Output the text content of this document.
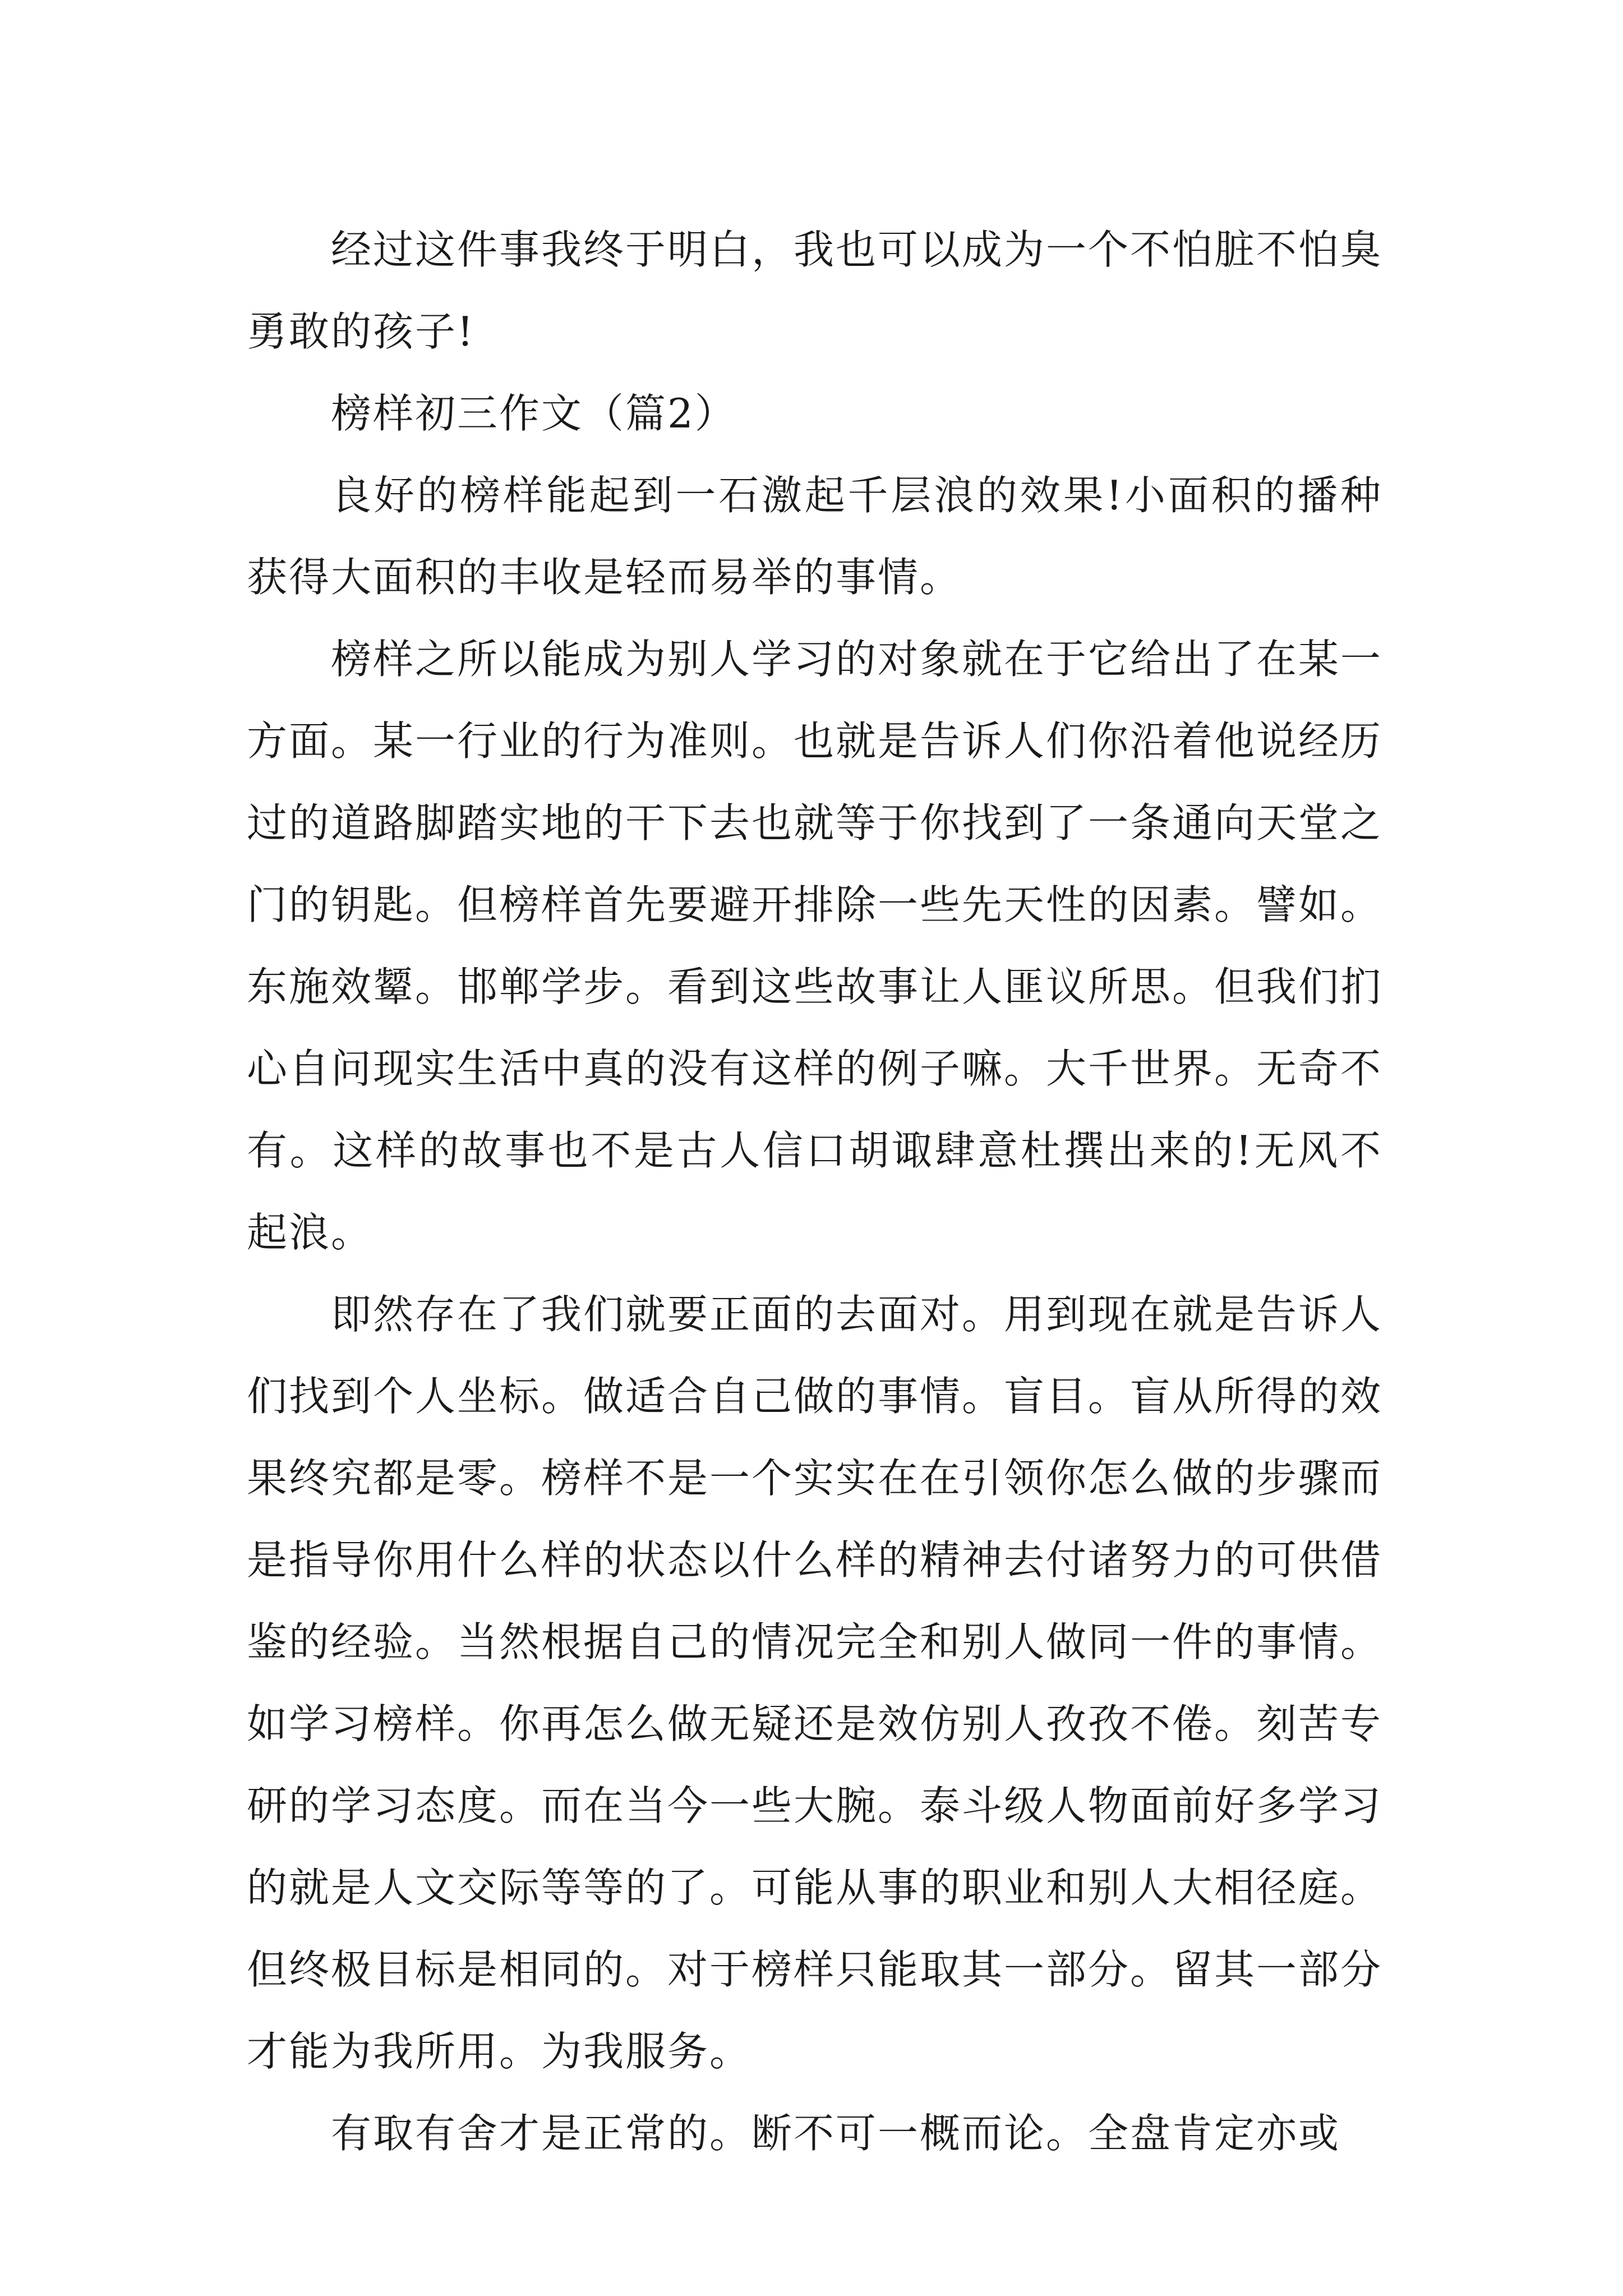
经过这件事我终于明白，我也可以成为一个不怕脏不怕臭勇敢的孩子!

榜样初三作文（篇2）

良好的榜样能起到一石激起千层浪的效果!小面积的播种获得大面积的丰收是轻而易举的事情。

榜样之所以能成为别人学习的对象就在于它给出了在某一方面。某一行业的行为准则。也就是告诉人们你沿着他说经历过的道路脚踏实地的干下去也就等于你找到了一条通向天堂之门的钥匙。但榜样首先要避开排除一些先天性的因素。譬如。东施效颦。邯郸学步。看到这些故事让人匪议所思。但我们扪心自问现实生活中真的没有这样的例子嘛。大千世界。无奇不有。这样的故事也不是古人信口胡诹肆意杜撰出来的!无风不起浪。

即然存在了我们就要正面的去面对。用到现在就是告诉人们找到个人坐标。做适合自己做的事情。盲目。盲从所得的效果终究都是零。榜样不是一个实实在在引领你怎么做的步骤而是指导你用什么样的状态以什么样的精神去付诸努力的可供借鉴的经验。当然根据自己的情况完全和别人做同一件的事情。如学习榜样。你再怎么做无疑还是效仿别人孜孜不倦。刻苦专研的学习态度。而在当今一些大腕。泰斗级人物面前好多学习的就是人文交际等等的了。可能从事的职业和别人大相径庭。但终极目标是相同的。对于榜样只能取其一部分。留其一部分才能为我所用。为我服务。

有取有舍才是正常的。断不可一概而论。全盘肯定亦或
